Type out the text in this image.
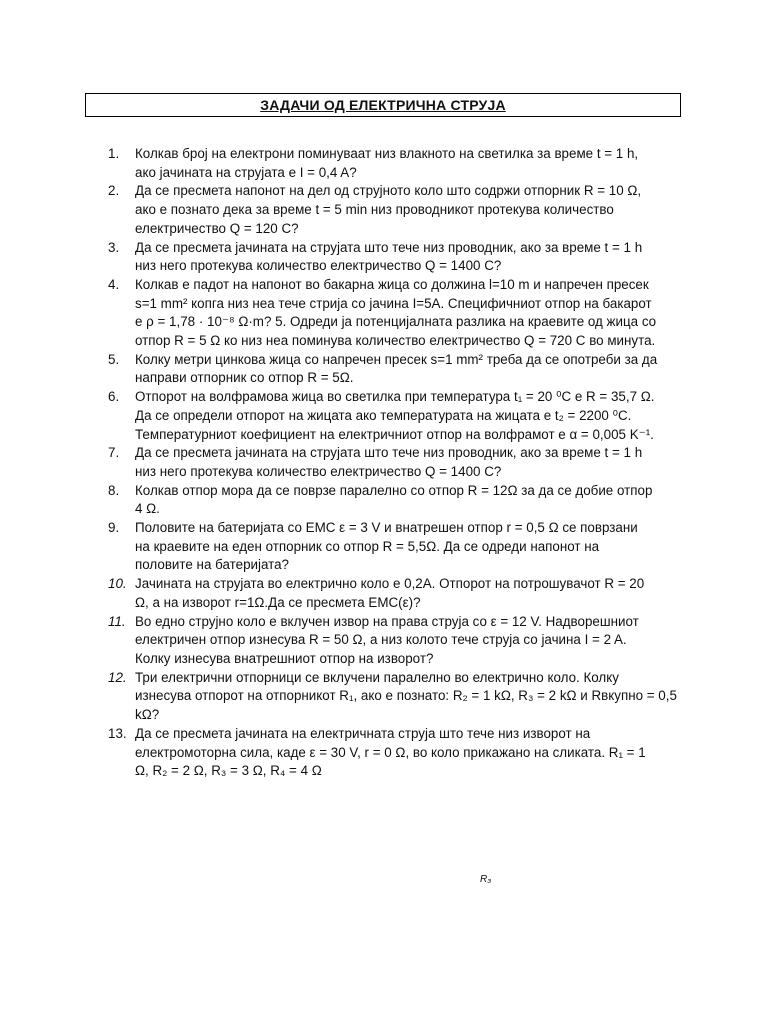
ЗАДАЧИ ОД ЕЛЕКТРИЧНА СТРУЈА
1.	Колкав број на електрони поминуваат низ влакното на светилка за време t = 1 h,
ако јачината на струјата е I = 0,4 A?
2.	Да се пресмета напонот на дел од струјното коло што содржи отпорник R = 10 Ω,
ако е познато дека за време t = 5 min низ проводникот протекува количество
електричество Q = 120 C?
3.	Да се пресмета јачината на струјата што тече низ проводник, ако за време t = 1 h
низ него протекува количество електричество Q = 1400 C?
4.	Колкав е падот на напонот во бакарна жица со должина l=10 m и напречен пресек
s=1 mm² копга низ неа тече стрија со јачина I=5A. Специфичниот отпор на бакарот
е ρ = 1,78 · 10⁻⁸ Ω·m? 5. Одреди ја потенцијалната разлика на краевите од жица со
отпор R = 5 Ω ко низ неа поминува количество електричество Q = 720 C во минута.
5.	Колку метри цинкова жица со напречен пресек s=1 mm² треба да се опотреби за да
направи отпорник со отпор R = 5Ω.
6.	Отпорот на волфрамова жица во светилка при температура t₁ = 20 ⁰C е R = 35,7 Ω.
Да се определи отпорот на жицата ако температурата на жицата е t₂ = 2200 ⁰C.
Температурниот коефициент на електричниот отпор на волфрамот е α = 0,005 K⁻¹.
7.	Да се пресмета јачината на струјата што тече низ проводник, ако за време t = 1 h
низ него протекува количество електричество Q = 1400 C?
8.	Колкав отпор мора да се поврзе паралелно со отпор R = 12Ω за да се добие отпор
4 Ω.
9.	Половите на батеријата со ЕМС ε = 3 V и внатрешен отпор r = 0,5 Ω се поврзани
на краевите на еден отпорник со отпор R = 5,5Ω. Да се одреди напонот на
половите на батеријата?
10. Јачината на струјата во електрично коло е 0,2A. Отпорот на потрошувачот R = 20
Ω, а на изворот r=1Ω.Да се пресмета ЕМС(ε)?
11. Во едно струјно коло е вклучен извор на права струја со ε = 12 V. Надворешниот
електричен отпор изнесува R = 50 Ω, а низ колото тече струја со јачина I = 2 A.
Колку изнесува внатрешниот отпор на изворот?
12. Три електрични отпорници се вклучени паралелно во електрично коло. Колку
изнесува отпорот на отпорникот R₁, ако е познато: R₂ = 1 kΩ, R₃ = 2 kΩ и Rвкупно = 0,5
kΩ?
13. Да се пресмета јачината на електричната струја што тече низ изворот на
електромоторна сила, каде ε = 30 V, r = 0 Ω, во коло прикажано на сликата. R₁ = 1
Ω, R₂ = 2 Ω, R₃ = 3 Ω, R₄ = 4 Ω
R₃
